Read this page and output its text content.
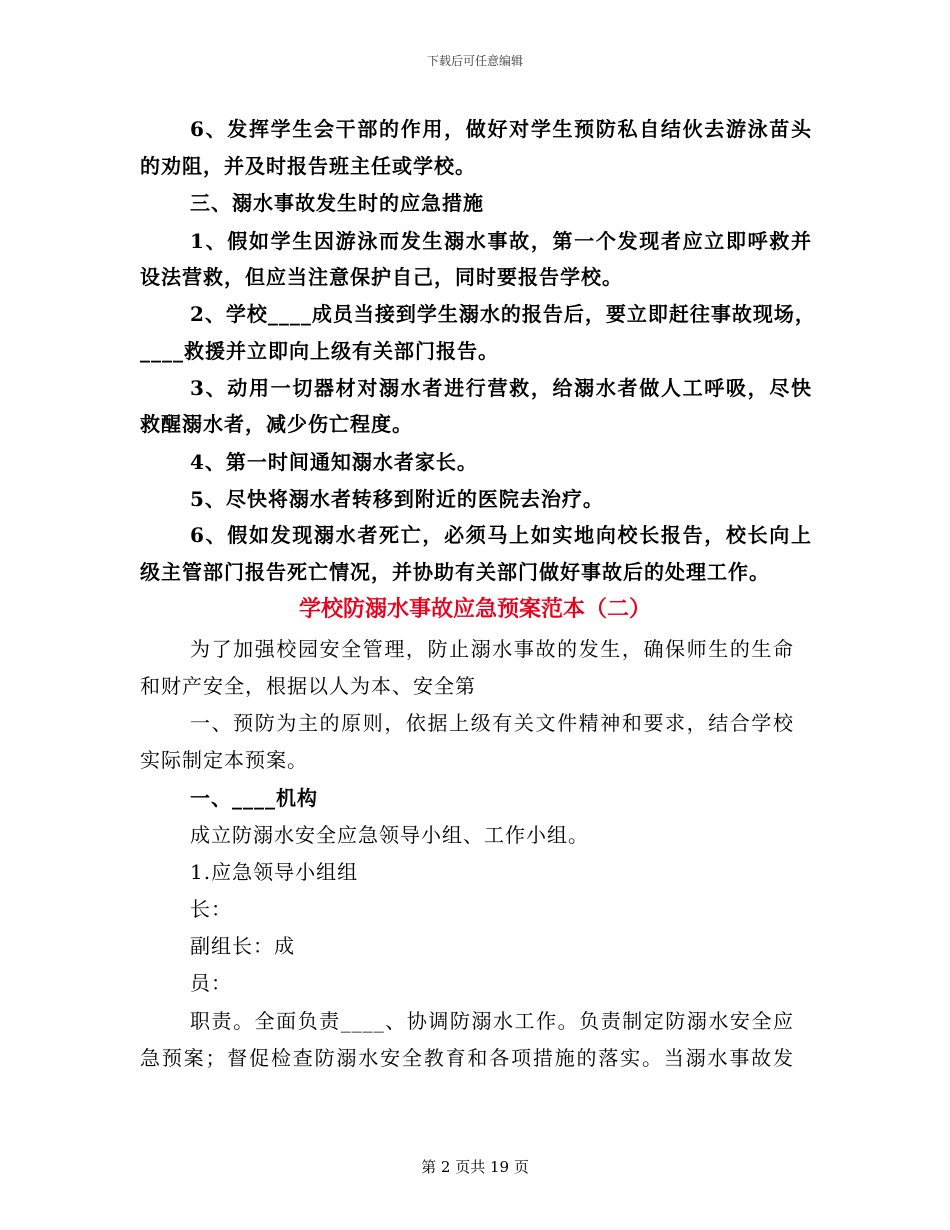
下载后可任意编辑
6、发挥学生会干部的作用，做好对学生预防私自结伙去游泳苗头
的劝阻，并及时报告班主任或学校。
三、溺水事故发生时的应急措施
1、假如学生因游泳而发生溺水事故，第一个发现者应立即呼救并
设法营救，但应当注意保护自己，同时要报告学校。
2、学校____成员当接到学生溺水的报告后，要立即赶往事故现场，
____救援并立即向上级有关部门报告。
3、动用一切器材对溺水者进行营救，给溺水者做人工呼吸，尽快
救醒溺水者，减少伤亡程度。
4、第一时间通知溺水者家长。
5、尽快将溺水者转移到附近的医院去治疗。
6、假如发现溺水者死亡，必须马上如实地向校长报告，校长向上
级主管部门报告死亡情况，并协助有关部门做好事故后的处理工作。
学校防溺水事故应急预案范本（二）
为了加强校园安全管理，防止溺水事故的发生，确保师生的生命
和财产安全，根据以人为本、安全第
一、预防为主的原则，依据上级有关文件精神和要求，结合学校
实际制定本预案。
一、____机构
成立防溺水安全应急领导小组、工作小组。
1.应急领导小组组
长：
副组长：成
员：
职责。全面负责____、协调防溺水工作。负责制定防溺水安全应
急预案；督促检查防溺水安全教育和各项措施的落实。当溺水事故发
第 2 页共 19 页
